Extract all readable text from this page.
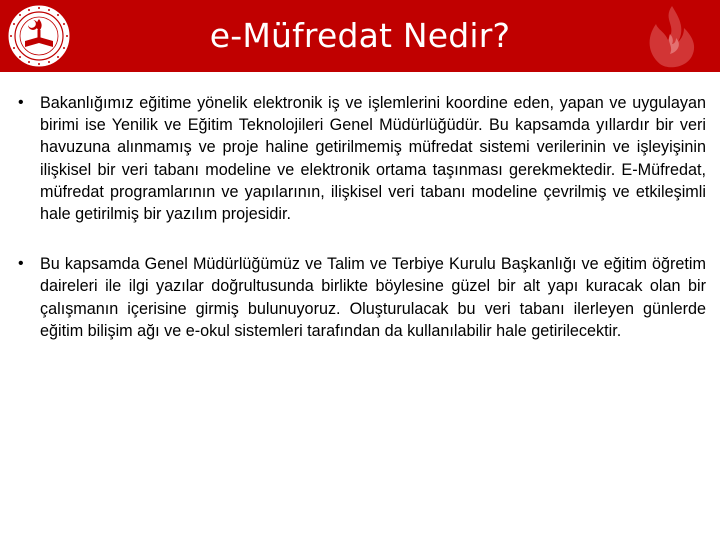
e-Müfredat Nedir?
• Bakanlığımız eğitime yönelik elektronik iş ve işlemlerini koordine eden, yapan ve uygulayan birimi ise Yenilik ve Eğitim Teknolojileri Genel Müdürlüğüdür. Bu kapsamda yıllardır bir veri havuzuna alınmamış ve proje haline getirilmemiş müfredat sistemi verilerinin ve işleyişinin ilişkisel bir veri tabanı modeline ve elektronik ortama taşınması gerekmektedir. E-Müfredat, müfredat programlarının ve yapılarının, ilişkisel veri tabanı modeline çevrilmiş ve etkileşimli hale getirilmiş bir yazılım projesidir.
• Bu kapsamda Genel Müdürlüğümüz ve Talim ve Terbiye Kurulu Başkanlığı ve eğitim öğretim daireleri ile ilgi yazılar doğrultusunda birlikte böylesine güzel bir alt yapı kuracak olan bir çalışmanın içerisine girmiş bulunuyoruz. Oluşturulacak bu veri tabanı ilerleyen günlerde eğitim bilişim ağı ve e-okul sistemleri tarafından da kullanılabilir hale getirilecektir.
